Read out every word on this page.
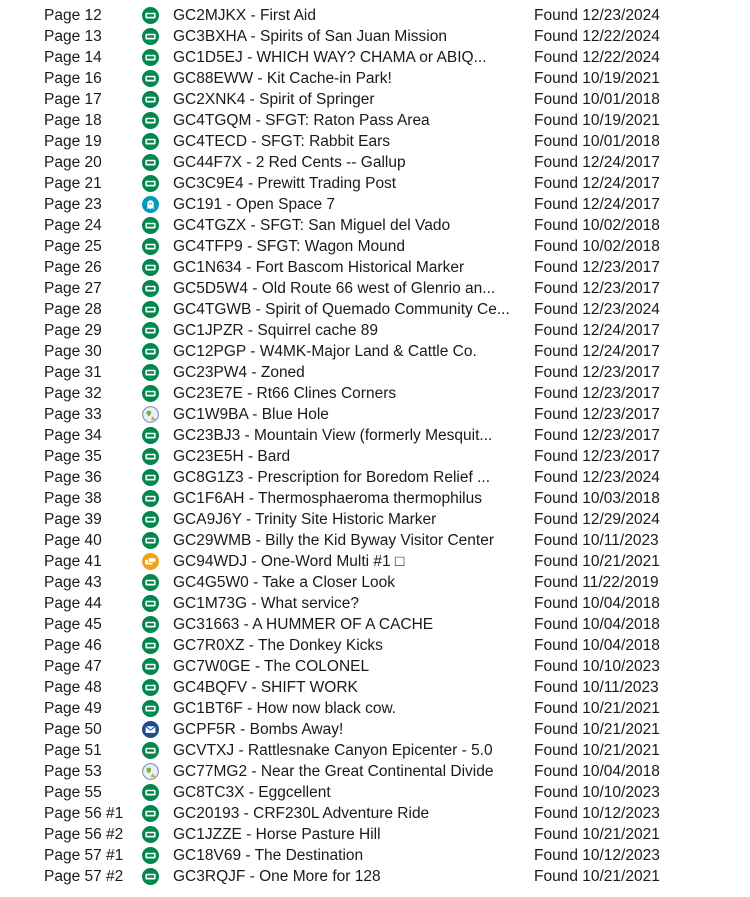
Page 12	GC2MJKX - First Aid	Found 12/23/2024
Page 13	GC3BXHA - Spirits of San Juan Mission	Found 12/22/2024
Page 14	GC1D5EJ - WHICH WAY? CHAMA or ABIQ...	Found 12/22/2024
Page 16	GC88EWW - Kit Cache-in Park!	Found 10/19/2021
Page 17	GC2XNK4 - Spirit of Springer	Found 10/01/2018
Page 18	GC4TGQM - SFGT: Raton Pass Area	Found 10/19/2021
Page 19	GC4TECD - SFGT: Rabbit Ears	Found 10/01/2018
Page 20	GC44F7X - 2 Red Cents -- Gallup	Found 12/24/2017
Page 21	GC3C9E4 - Prewitt Trading Post	Found 12/24/2017
Page 23	GC191 - Open Space 7	Found 12/24/2017
Page 24	GC4TGZX - SFGT: San Miguel del Vado	Found 10/02/2018
Page 25	GC4TFP9 - SFGT: Wagon Mound	Found 10/02/2018
Page 26	GC1N634 - Fort Bascom Historical Marker	Found 12/23/2017
Page 27	GC5D5W4 - Old Route 66 west of Glenrio an...	Found 12/23/2017
Page 28	GC4TGWB - Spirit of Quemado Community Ce...	Found 12/23/2024
Page 29	GC1JPZR - Squirrel cache 89	Found 12/24/2017
Page 30	GC12PGP - W4MK-Major Land & Cattle Co.	Found 12/24/2017
Page 31	GC23PW4 - Zoned	Found 12/23/2017
Page 32	GC23E7E - Rt66 Clines Corners	Found 12/23/2017
Page 33	GC1W9BA - Blue Hole	Found 12/23/2017
Page 34	GC23BJ3 - Mountain View (formerly Mesquit...	Found 12/23/2017
Page 35	GC23E5H - Bard	Found 12/23/2017
Page 36	GC8G1Z3 - Prescription for Boredom Relief ...	Found 12/23/2024
Page 38	GC1F6AH - Thermosphaeroma thermophilus	Found 10/03/2018
Page 39	GCA9J6Y - Trinity Site Historic Marker	Found 12/29/2024
Page 40	GC29WMB - Billy the Kid Byway Visitor Center	Found 10/11/2023
Page 41	GC94WDJ - One-Word Multi #1 □	Found 10/21/2021
Page 43	GC4G5W0 - Take a Closer Look	Found 11/22/2019
Page 44	GC1M73G - What service?	Found 10/04/2018
Page 45	GC31663 - A HUMMER OF A CACHE	Found 10/04/2018
Page 46	GC7R0XZ - The Donkey Kicks	Found 10/04/2018
Page 47	GC7W0GE - The COLONEL	Found 10/10/2023
Page 48	GC4BQFV - SHIFT WORK	Found 10/11/2023
Page 49	GC1BT6F - How now black cow.	Found 10/21/2021
Page 50	GCPF5R - Bombs Away!	Found 10/21/2021
Page 51	GCVTXJ - Rattlesnake Canyon Epicenter - 5.0	Found 10/21/2021
Page 53	GC77MG2 - Near the Great Continental Divide	Found 10/04/2018
Page 55	GC8TC3X - Eggcellent	Found 10/10/2023
Page 56 #1	GC20193 - CRF230L Adventure Ride	Found 10/12/2023
Page 56 #2	GC1JZZE - Horse Pasture Hill	Found 10/21/2021
Page 57 #1	GC18V69 - The Destination	Found 10/12/2023
Page 57 #2	GC3RQJF - One More for 128	Found 10/21/2021
